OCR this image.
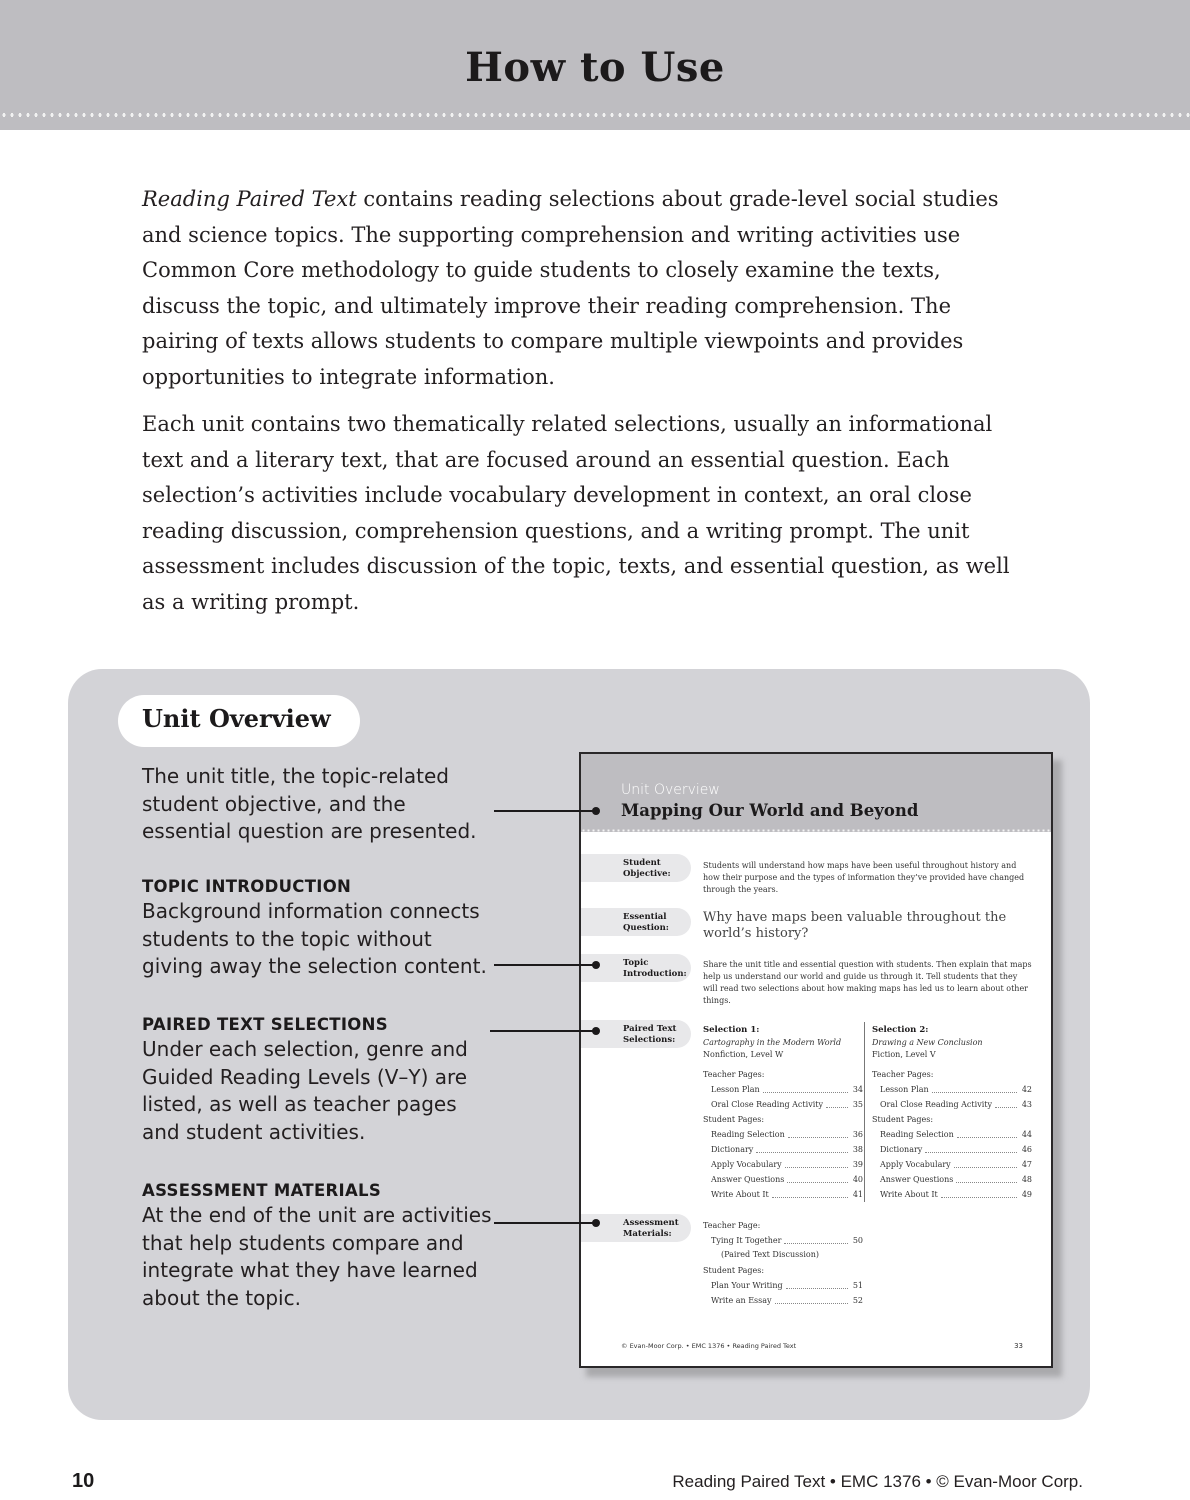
How to Use

Reading Paired Text contains reading selections about grade-level social studies and science topics. The supporting comprehension and writing activities use Common Core methodology to guide students to closely examine the texts, discuss the topic, and ultimately improve their reading comprehension. The pairing of texts allows students to compare multiple viewpoints and provides opportunities to integrate information.

Each unit contains two thematically related selections, usually an informational text and a literary text, that are focused around an essential question. Each selection’s activities include vocabulary development in context, an oral close reading discussion, comprehension questions, and a writing prompt. The unit assessment includes discussion of the topic, texts, and essential question, as well as a writing prompt.

Unit Overview
The unit title, the topic-related student objective, and the essential question are presented.
TOPIC INTRODUCTION
Background information connects students to the topic without giving away the selection content.
PAIRED TEXT SELECTIONS
Under each selection, genre and Guided Reading Levels (V–Y) are listed, as well as teacher pages and student activities.
ASSESSMENT MATERIALS
At the end of the unit are activities that help students compare and integrate what they have learned about the topic.
Unit Overview
Mapping Our World and Beyond
Student Objective:
Students will understand how maps have been useful throughout history and how their purpose and the types of information they’ve provided have changed through the years.
Essential Question:
Why have maps been valuable throughout the world’s history?
Topic Introduction:
Share the unit title and essential question with students. Then explain that maps help us understand our world and guide us through it. Tell students that they will read two selections about how making maps has led us to learn about other things.
Paired Text Selections:
Selection 1:
Cartography in the Modern World
Nonfiction, Level W
Teacher Pages:
Lesson Plan	34
Oral Close Reading Activity	35
Student Pages:
Reading Selection	36
Dictionary	38
Apply Vocabulary	39
Answer Questions	40
Write About It	41
Selection 2:
Drawing a New Conclusion
Fiction, Level V
Teacher Pages:
Lesson Plan	42
Oral Close Reading Activity	43
Student Pages:
Reading Selection	44
Dictionary	46
Apply Vocabulary	47
Answer Questions	48
Write About It	49
Assessment Materials:
Teacher Page:
Tying It Together	50
(Paired Text Discussion)
Student Pages:
Plan Your Writing	51
Write an Essay	52
© Evan-Moor Corp. • EMC 1376 • Reading Paired Text	33
10	Reading Paired Text • EMC 1376 • © Evan-Moor Corp.
